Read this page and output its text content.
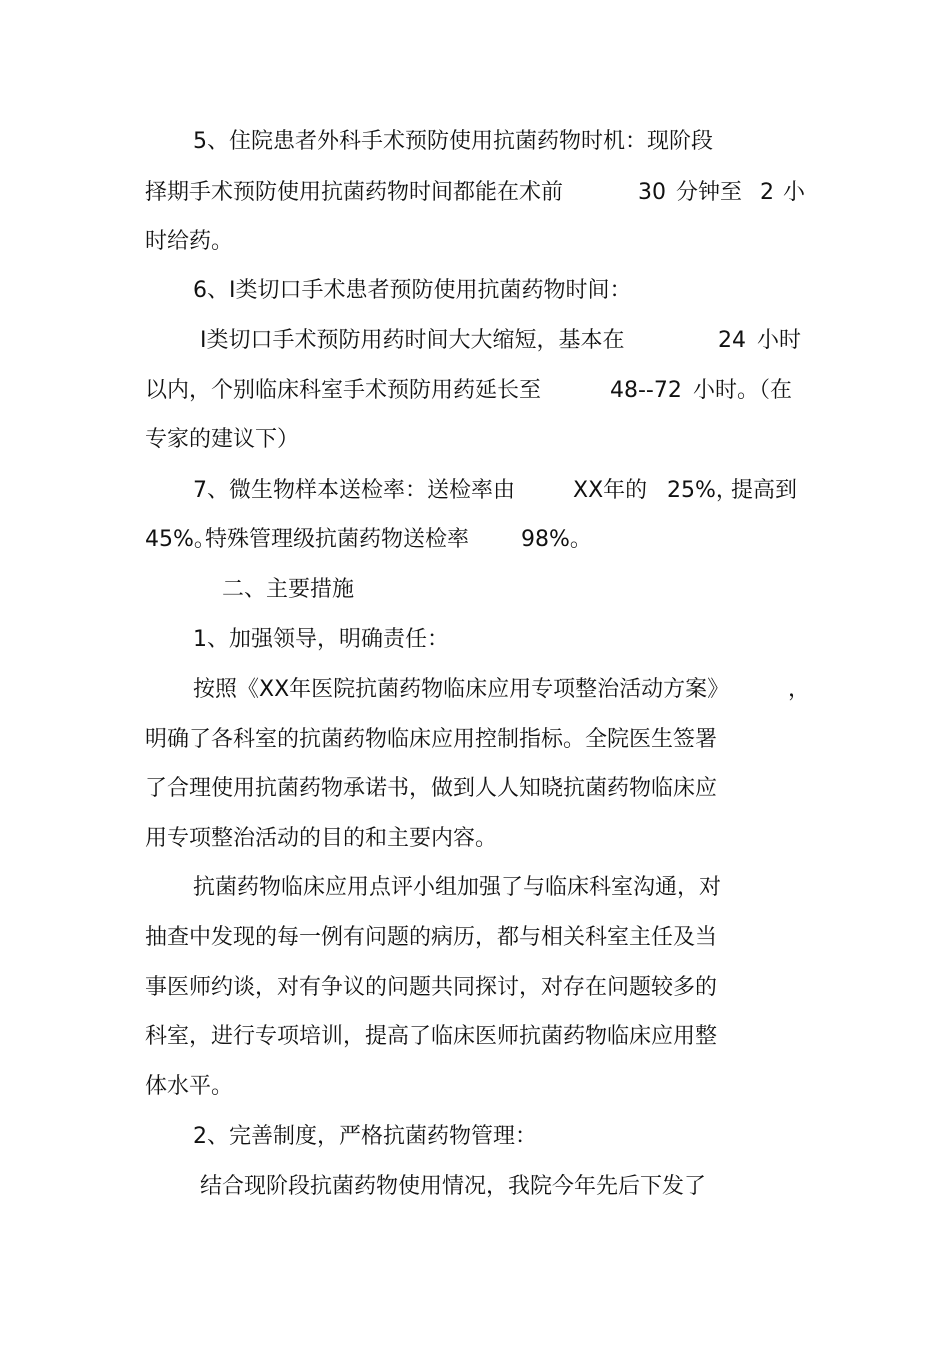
5、住院患者外科手术预防使用抗菌药物时机：现阶段
择期手术预防使用抗菌药物时间都能在术前	30 分钟至 2 小
时给药。
6、Ⅰ类切口手术患者预防使用抗菌药物时间：
Ⅰ类切口手术预防用药时间大大缩短，基本在	24 小时
以内，个别临床科室手术预防用药延长至	48--72 小时。（在
专家的建议下）
7、微生物样本送检率：送检率由	XX年的 25%，
提高到
45%。
特殊管理级抗菌药物送检率 98%。
二、主要措施
1、加强领导，明确责任：
按照《XX年医院抗菌药物临床应用专项整治活动方案》	，
明确了各科室的抗菌药物临床应用控制指标。全院医生签署
了合理使用抗菌药物承诺书，做到人人知晓抗菌药物临床应
用专项整治活动的目的和主要内容。
抗菌药物临床应用点评小组加强了与临床科室沟通，对
抽查中发现的每一例有问题的病历，都与相关科室主任及当
事医师约谈，对有争议的问题共同探讨，对存在问题较多的
科室，进行专项培训，提高了临床医师抗菌药物临床应用整
体水平。
2、完善制度，严格抗菌药物管理：
结合现阶段抗菌药物使用情况，我院今年先后下发了
